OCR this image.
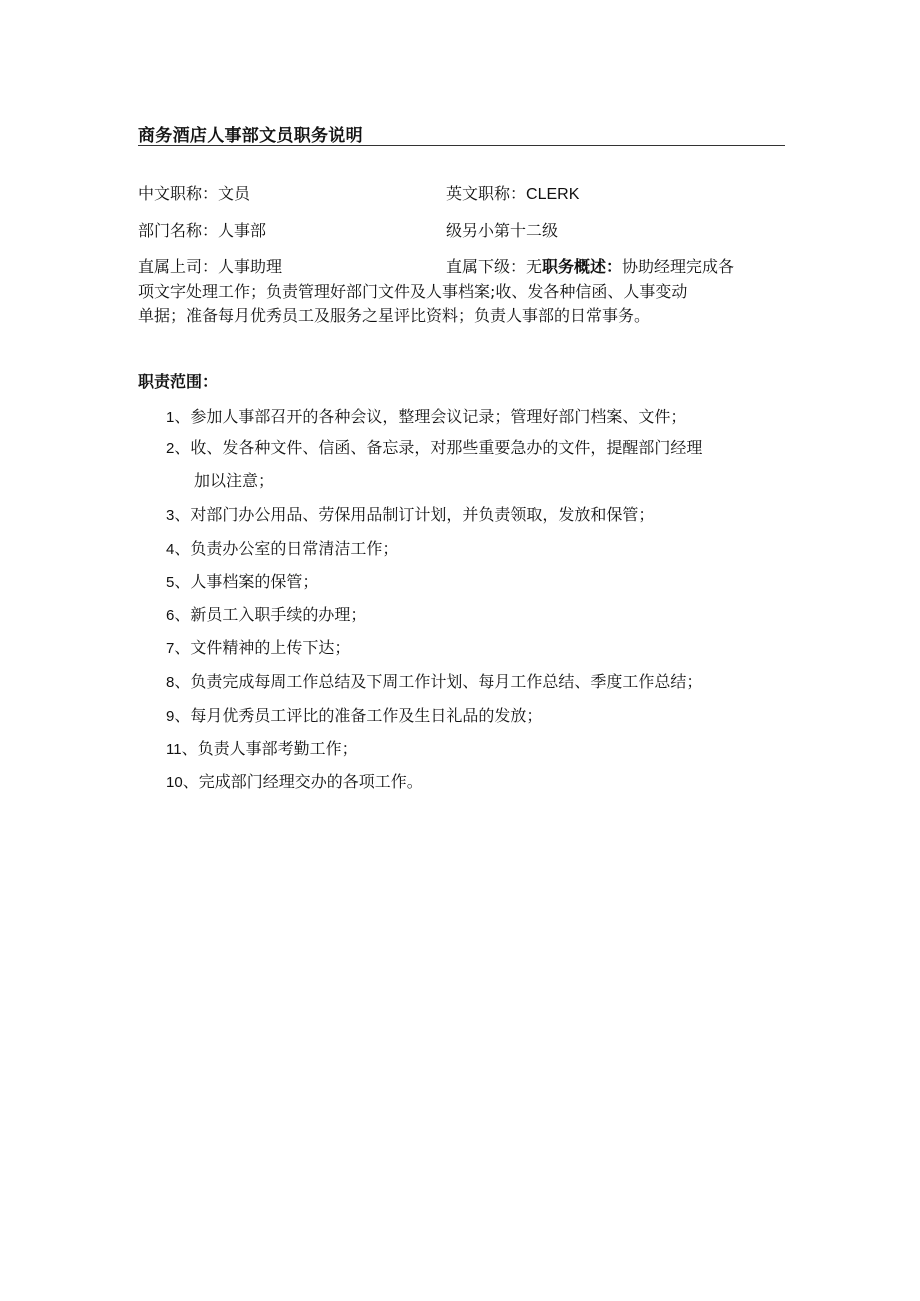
商务酒店人事部文员职务说明
中文职称：文员	英文职称：CLERK
部门名称：人事部	级另小第十二级
直属上司：人事助理	直属下级：无职务概述：协助经理完成各
项文字处理工作；负责管理好部门文件及人事档案;收、发各种信函、人事变动
单据；准备每月优秀员工及服务之星评比资料；负责人事部的日常事务。
职责范围：
1、参加人事部召开的各种会议，整理会议记录；管理好部门档案、文件；
2、收、发各种文件、信函、备忘录，对那些重要急办的文件，提醒部门经理
加以注意；
3、对部门办公用品、劳保用品制订计划，并负责领取，发放和保管；
4、负责办公室的日常清洁工作；
5、人事档案的保管；
6、新员工入职手续的办理；
7、文件精神的上传下达；
8、负责完成每周工作总结及下周工作计划、每月工作总结、季度工作总结；
9、每月优秀员工评比的准备工作及生日礼品的发放；
11、负责人事部考勤工作；
10、完成部门经理交办的各项工作。
